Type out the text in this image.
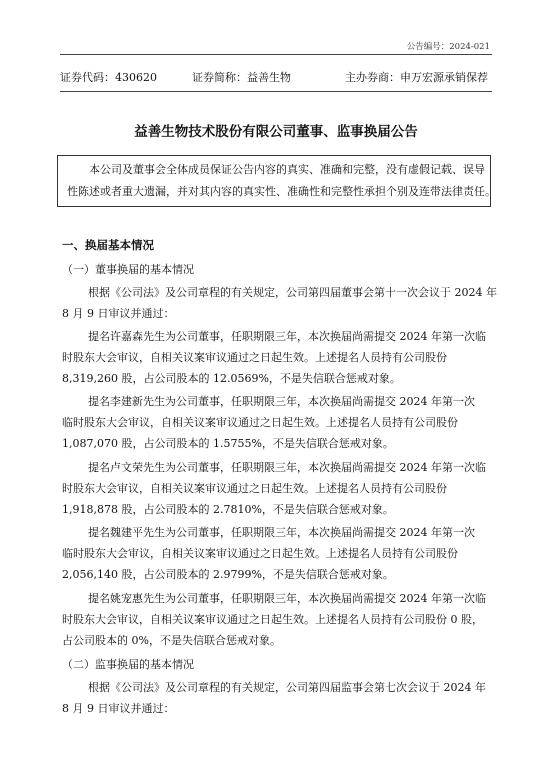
公告编号：2024-021
证券代码：430620	证券简称：益善生物	主办券商：申万宏源承销保荐
益善生物技术股份有限公司董事、监事换届公告

本公司及董事会全体成员保证公告内容的真实、准确和完整，没有虚假记载、误导

性陈述或者重大遗漏，并对其内容的真实性、准确性和完整性承担个别及连带法律责任。

一、换届基本情况
（一）董事换届的基本情况
根据《公司法》及公司章程的有关规定，公司第四届董事会第十一次会议于 2024 年
8 月 9 日审议并通过：
提名许嘉森先生为公司董事，任职期限三年，本次换届尚需提交 2024 年第一次临
时股东大会审议，自相关议案审议通过之日起生效。上述提名人员持有公司股份
8,319,260 股，占公司股本的 12.0569%，不是失信联合惩戒对象。
提名李建新先生为公司董事，任职期限三年，本次换届尚需提交 2024 年第一次
临时股东大会审议，自相关议案审议通过之日起生效。上述提名人员持有公司股份
1,087,070 股，占公司股本的 1.5755%，不是失信联合惩戒对象。
提名卢文荣先生为公司董事，任职期限三年，本次换届尚需提交 2024 年第一次临
时股东大会审议，自相关议案审议通过之日起生效。上述提名人员持有公司股份
1,918,878 股，占公司股本的 2.7810%，不是失信联合惩戒对象。
提名魏建平先生为公司董事，任职期限三年，本次换届尚需提交 2024 年第一次
临时股东大会审议，自相关议案审议通过之日起生效。上述提名人员持有公司股份
2,056,140 股，占公司股本的 2.9799%，不是失信联合惩戒对象。
提名姚宠惠先生为公司董事，任职期限三年，本次换届尚需提交 2024 年第一次临
时股东大会审议，自相关议案审议通过之日起生效。上述提名人员持有公司股份 0 股，
占公司股本的 0%，不是失信联合惩戒对象。
（二）监事换届的基本情况
根据《公司法》及公司章程的有关规定，公司第四届监事会第七次会议于 2024 年
8 月 9 日审议并通过：
